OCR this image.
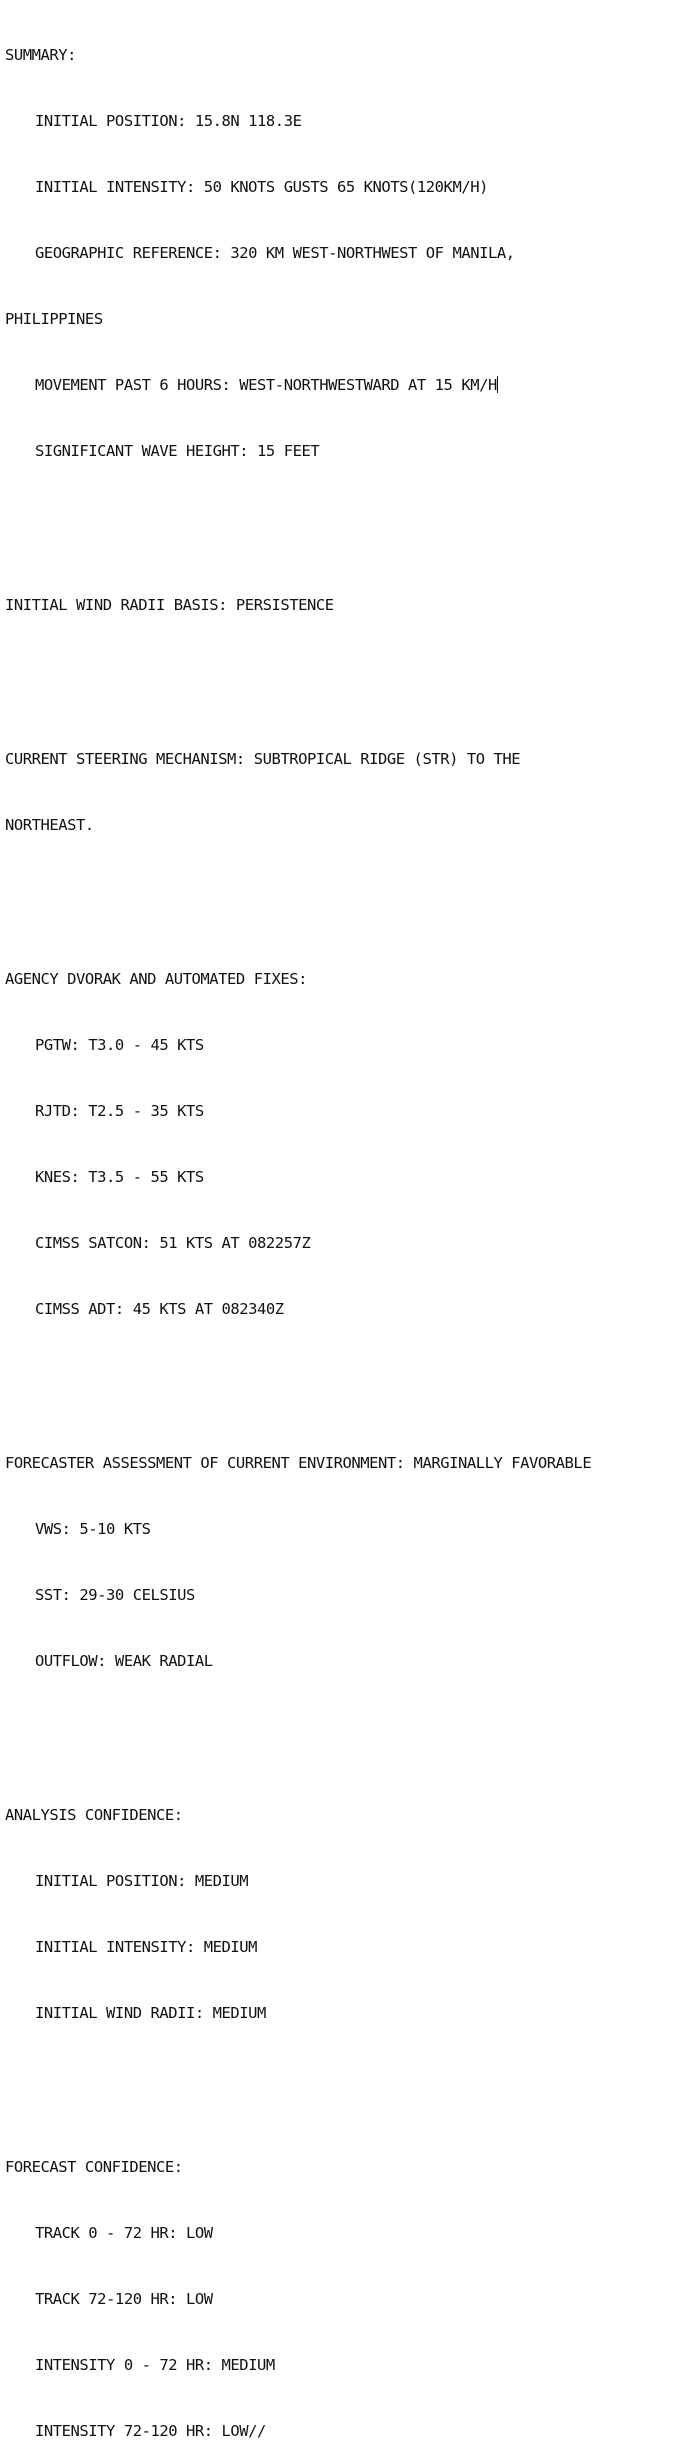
SUMMARY:

INITIAL POSITION: 15.8N 118.3E

INITIAL INTENSITY: 50 KNOTS GUSTS 65 KNOTS(120KM/H)

GEOGRAPHIC REFERENCE: 320 KM WEST-NORTHWEST OF MANILA,

PHILIPPINES

MOVEMENT PAST 6 HOURS: WEST-NORTHWESTWARD AT 15 KM/H

SIGNIFICANT WAVE HEIGHT: 15 FEET

INITIAL WIND RADII BASIS: PERSISTENCE

CURRENT STEERING MECHANISM: SUBTROPICAL RIDGE (STR) TO THE

NORTHEAST.

AGENCY DVORAK AND AUTOMATED FIXES:

PGTW: T3.0 - 45 KTS

RJTD: T2.5 - 35 KTS

KNES: T3.5 - 55 KTS

CIMSS SATCON: 51 KTS AT 082257Z

CIMSS ADT: 45 KTS AT 082340Z

FORECASTER ASSESSMENT OF CURRENT ENVIRONMENT: MARGINALLY FAVORABLE

VWS: 5-10 KTS

SST: 29-30 CELSIUS

OUTFLOW: WEAK RADIAL

ANALYSIS CONFIDENCE:

INITIAL POSITION: MEDIUM

INITIAL INTENSITY: MEDIUM

INITIAL WIND RADII: MEDIUM

FORECAST CONFIDENCE:

TRACK 0 - 72 HR: LOW

TRACK 72-120 HR: LOW

INTENSITY 0 - 72 HR: MEDIUM

INTENSITY 72-120 HR: LOW//
